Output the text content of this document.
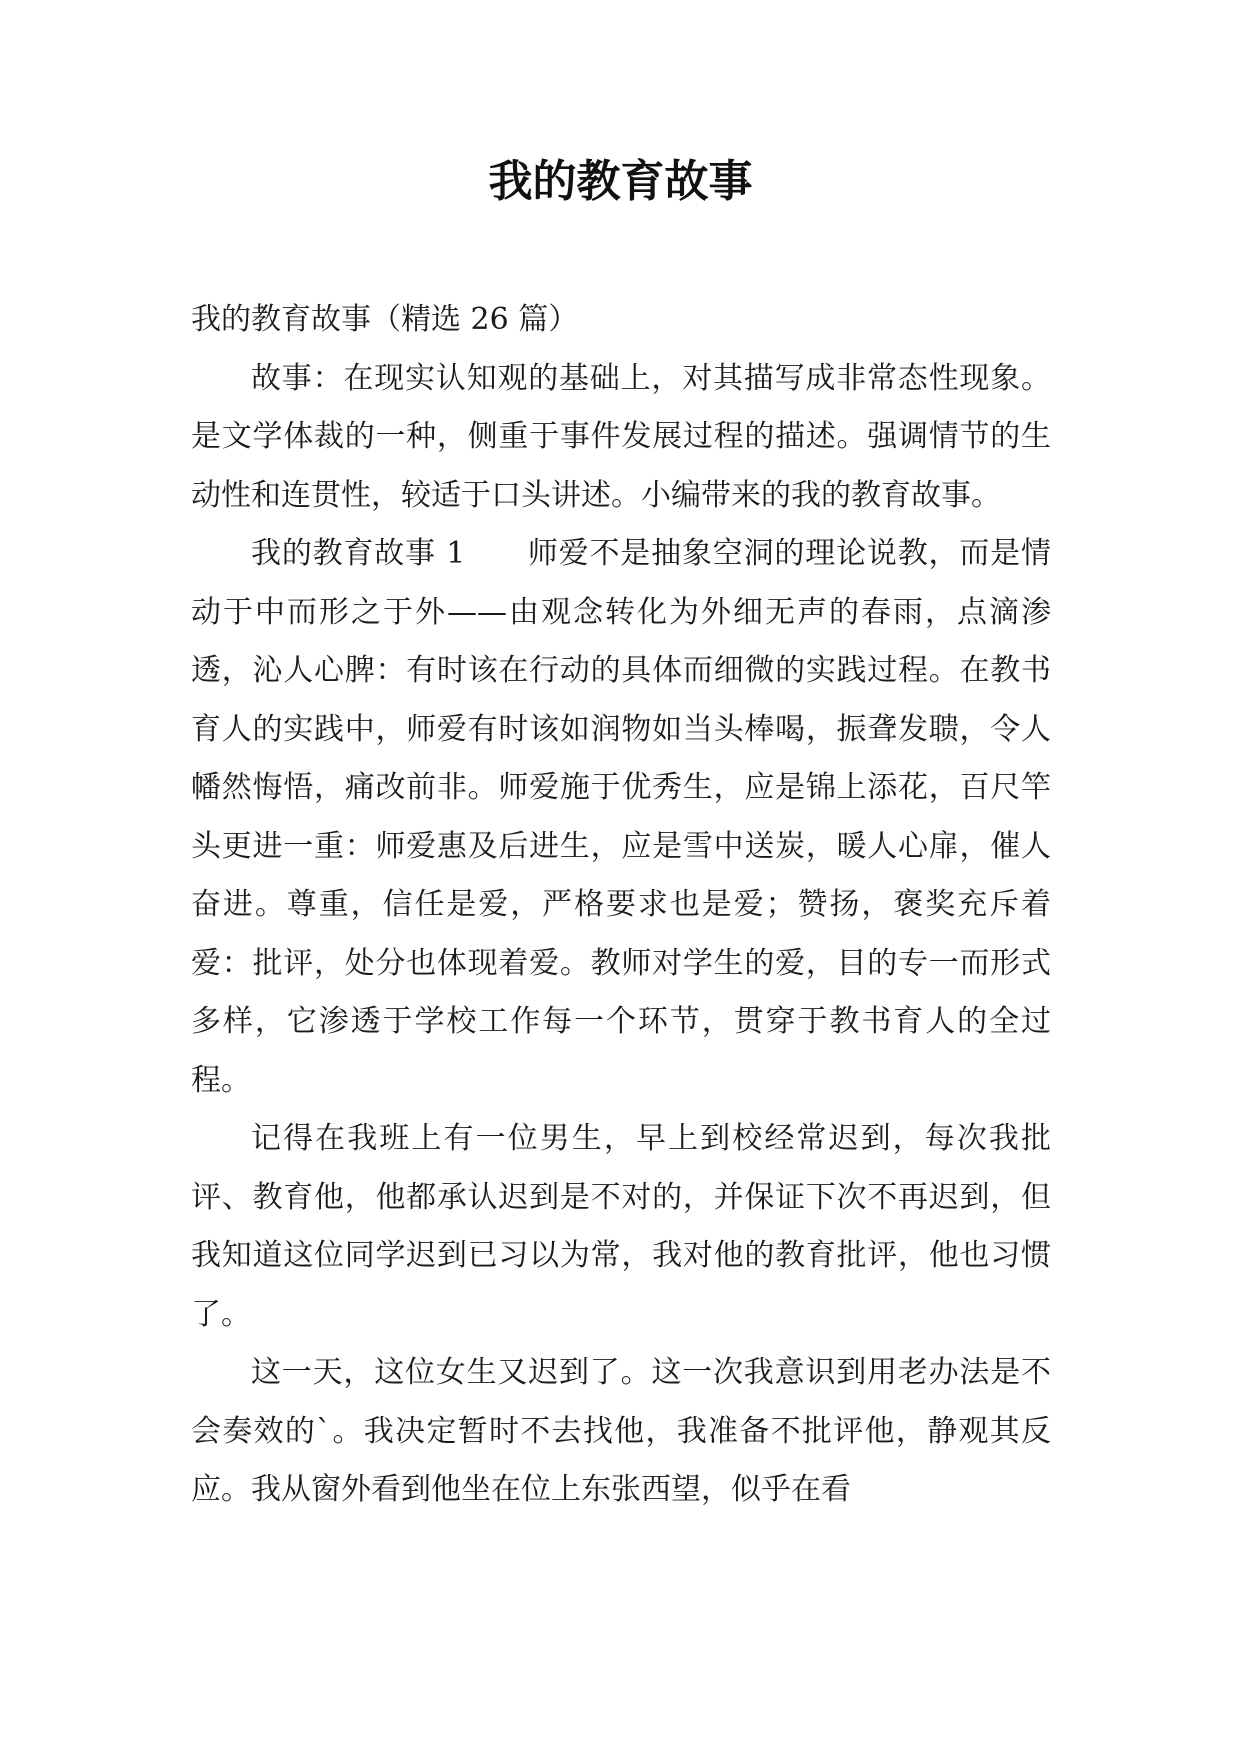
我的教育故事

我的教育故事（精选 26 篇）

故事：在现实认知观的基础上，对其描写成非常态性现象。是文学体裁的一种，侧重于事件发展过程的描述。强调情节的生动性和连贯性，较适于口头讲述。小编带来的我的教育故事。

我的教育故事 1　　师爱不是抽象空洞的理论说教，而是情动于中而形之于外——由观念转化为外细无声的春雨，点滴渗透，沁人心脾：有时该在行动的具体而细微的实践过程。在教书育人的实践中，师爱有时该如润物如当头棒喝，振聋发聩，令人幡然悔悟，痛改前非。师爱施于优秀生，应是锦上添花，百尺竿头更进一重：师爱惠及后进生，应是雪中送炭，暖人心扉，催人奋进。尊重，信任是爱，严格要求也是爱；赞扬，褒奖充斥着爱：批评，处分也体现着爱。教师对学生的爱，目的专一而形式多样，它渗透于学校工作每一个环节，贯穿于教书育人的全过程。

记得在我班上有一位男生，早上到校经常迟到，每次我批评、教育他，他都承认迟到是不对的，并保证下次不再迟到，但我知道这位同学迟到已习以为常，我对他的教育批评，他也习惯了。

这一天，这位女生又迟到了。这一次我意识到用老办法是不会奏效的`。我决定暂时不去找他，我准备不批评他，静观其反应。我从窗外看到他坐在位上东张西望，似乎在看
